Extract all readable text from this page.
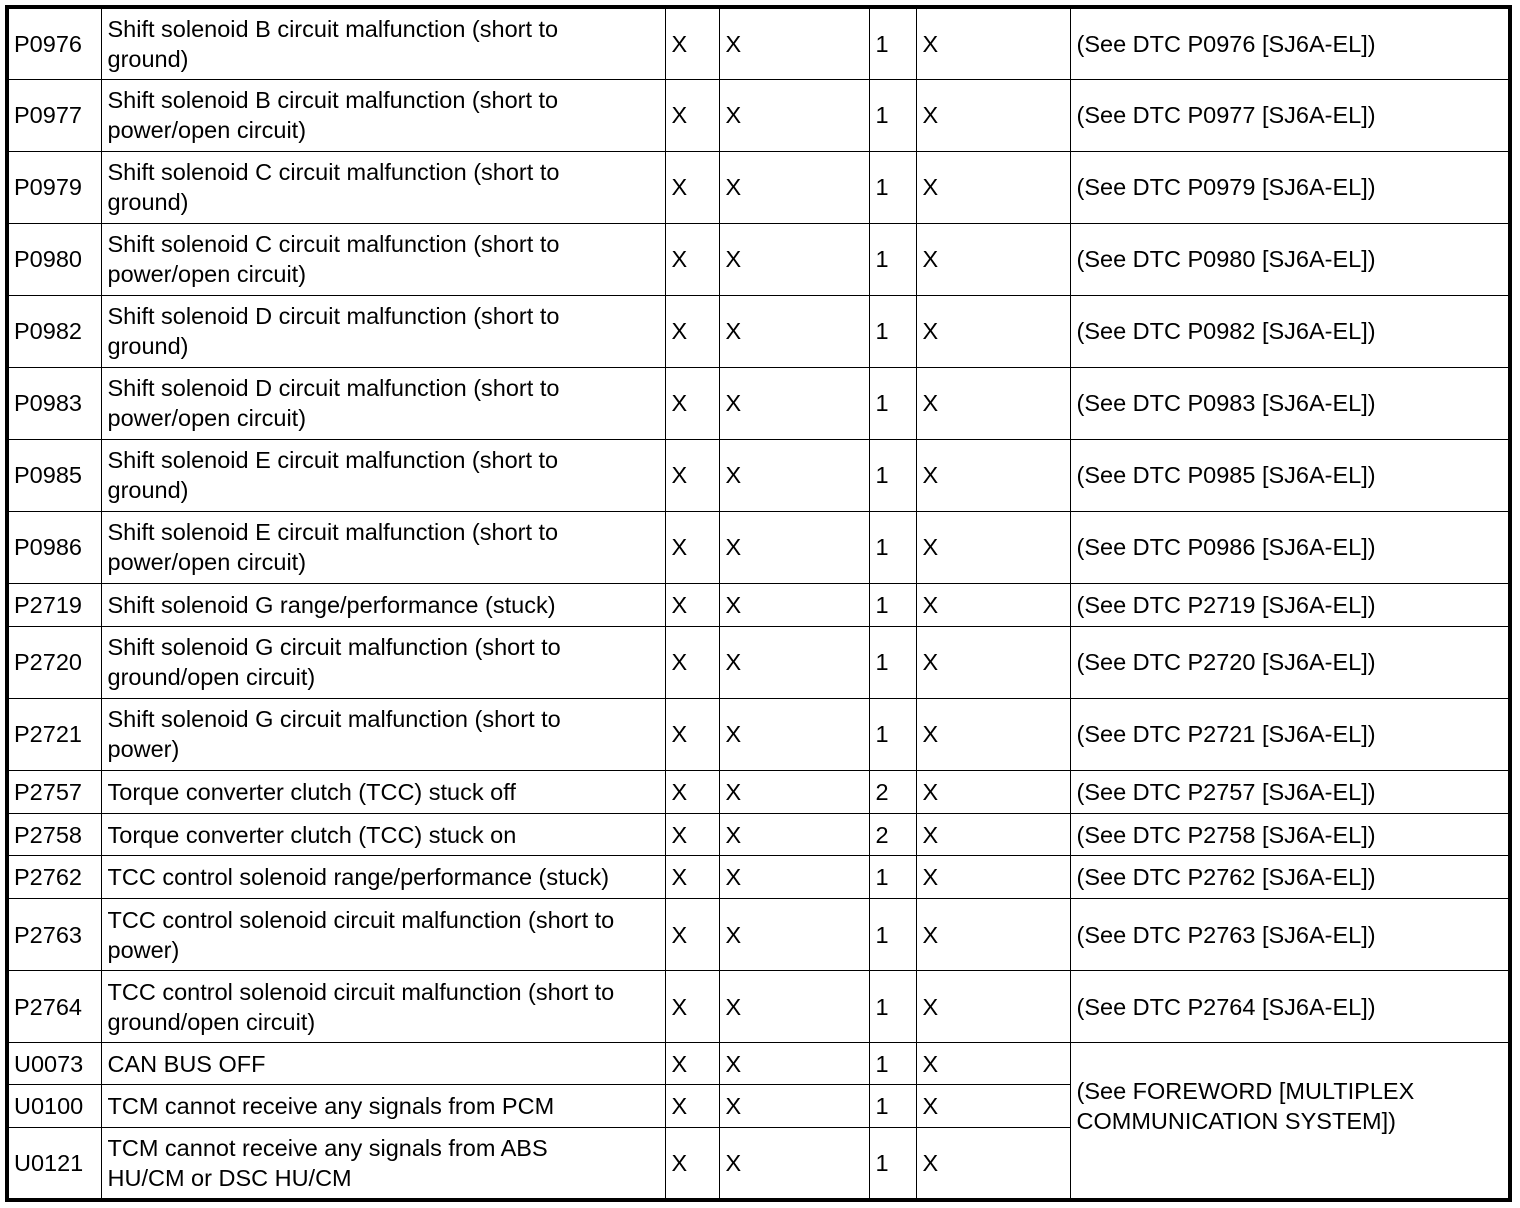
P0976	Shift solenoid B circuit malfunction (short to
ground)	X	X	1	X	(See DTC P0976 [SJ6A-EL])
P0977	Shift solenoid B circuit malfunction (short to
power/open circuit)	X	X	1	X	(See DTC P0977 [SJ6A-EL])
P0979	Shift solenoid C circuit malfunction (short to
ground)	X	X	1	X	(See DTC P0979 [SJ6A-EL])
P0980	Shift solenoid C circuit malfunction (short to
power/open circuit)	X	X	1	X	(See DTC P0980 [SJ6A-EL])
P0982	Shift solenoid D circuit malfunction (short to
ground)	X	X	1	X	(See DTC P0982 [SJ6A-EL])
P0983	Shift solenoid D circuit malfunction (short to
power/open circuit)	X	X	1	X	(See DTC P0983 [SJ6A-EL])
P0985	Shift solenoid E circuit malfunction (short to
ground)	X	X	1	X	(See DTC P0985 [SJ6A-EL])
P0986	Shift solenoid E circuit malfunction (short to
power/open circuit)	X	X	1	X	(See DTC P0986 [SJ6A-EL])
P2719	Shift solenoid G range/performance (stuck)	X	X	1	X	(See DTC P2719 [SJ6A-EL])
P2720	Shift solenoid G circuit malfunction (short to
ground/open circuit)	X	X	1	X	(See DTC P2720 [SJ6A-EL])
P2721	Shift solenoid G circuit malfunction (short to
power)	X	X	1	X	(See DTC P2721 [SJ6A-EL])
P2757	Torque converter clutch (TCC) stuck off	X	X	2	X	(See DTC P2757 [SJ6A-EL])
P2758	Torque converter clutch (TCC) stuck on	X	X	2	X	(See DTC P2758 [SJ6A-EL])
P2762	TCC control solenoid range/performance (stuck)	X	X	1	X	(See DTC P2762 [SJ6A-EL])
P2763	TCC control solenoid circuit malfunction (short to
power)	X	X	1	X	(See DTC P2763 [SJ6A-EL])
P2764	TCC control solenoid circuit malfunction (short to
ground/open circuit)	X	X	1	X	(See DTC P2764 [SJ6A-EL])
U0073	CAN BUS OFF	X	X	1	X	(See FOREWORD [MULTIPLEX
COMMUNICATION SYSTEM])
U0100	TCM cannot receive any signals from PCM	X	X	1	X	
U0121	TCM cannot receive any signals from ABS
HU/CM or DSC HU/CM	X	X	1	X	
